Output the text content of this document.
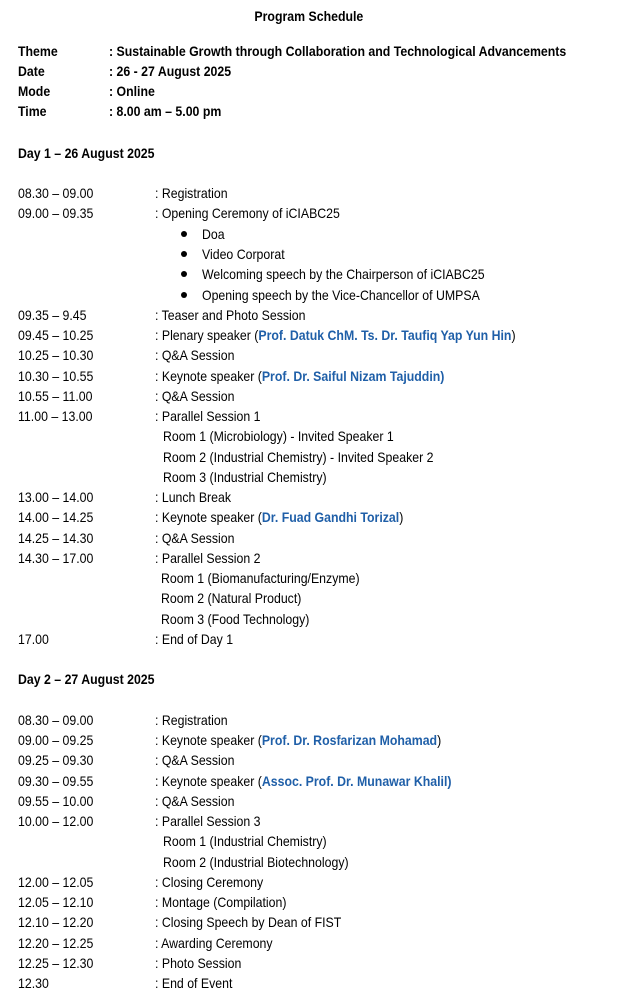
Program Schedule
Theme	: Sustainable Growth through Collaboration and Technological Advancements
Date	: 26 - 27 August 2025
Mode	: Online
Time	: 8.00 am – 5.00 pm
Day 1 – 26 August 2025
08.30 – 09.00	: Registration
09.00 – 09.35	: Opening Ceremony of iCIABC25
Doa
Video Corporat
Welcoming speech by the Chairperson of iCIABC25
Opening speech by the Vice-Chancellor of UMPSA
09.35 – 9.45	: Teaser and Photo Session
09.45 – 10.25	: Plenary speaker (Prof. Datuk ChM. Ts. Dr. Taufiq Yap Yun Hin)
10.25 – 10.30	: Q&A Session
10.30 – 10.55	: Keynote speaker (Prof. Dr. Saiful Nizam Tajuddin)
10.55 – 11.00	: Q&A Session
11.00 – 13.00	: Parallel Session 1
Room 1 (Microbiology) - Invited Speaker 1
Room 2 (Industrial Chemistry) - Invited Speaker 2
Room 3 (Industrial Chemistry)
13.00 – 14.00	: Lunch Break
14.00 – 14.25	: Keynote speaker (Dr. Fuad Gandhi Torizal)
14.25 – 14.30	: Q&A Session
14.30 – 17.00	: Parallel Session 2
Room 1 (Biomanufacturing/Enzyme)
Room 2 (Natural Product)
Room 3 (Food Technology)
17.00	: End of Day 1
Day 2 – 27 August 2025
08.30 – 09.00	: Registration
09.00 – 09.25	: Keynote speaker (Prof. Dr. Rosfarizan Mohamad)
09.25 – 09.30	: Q&A Session
09.30 – 09.55	: Keynote speaker (Assoc. Prof. Dr. Munawar Khalil)
09.55 – 10.00	: Q&A Session
10.00 – 12.00	: Parallel Session 3
Room 1 (Industrial Chemistry)
Room 2 (Industrial Biotechnology)
12.00 – 12.05	: Closing Ceremony
12.05 – 12.10	: Montage (Compilation)
12.10 – 12.20	: Closing Speech by Dean of FIST
12.20 – 12.25	: Awarding Ceremony
12.25 – 12.30	: Photo Session
12.30	: End of Event
